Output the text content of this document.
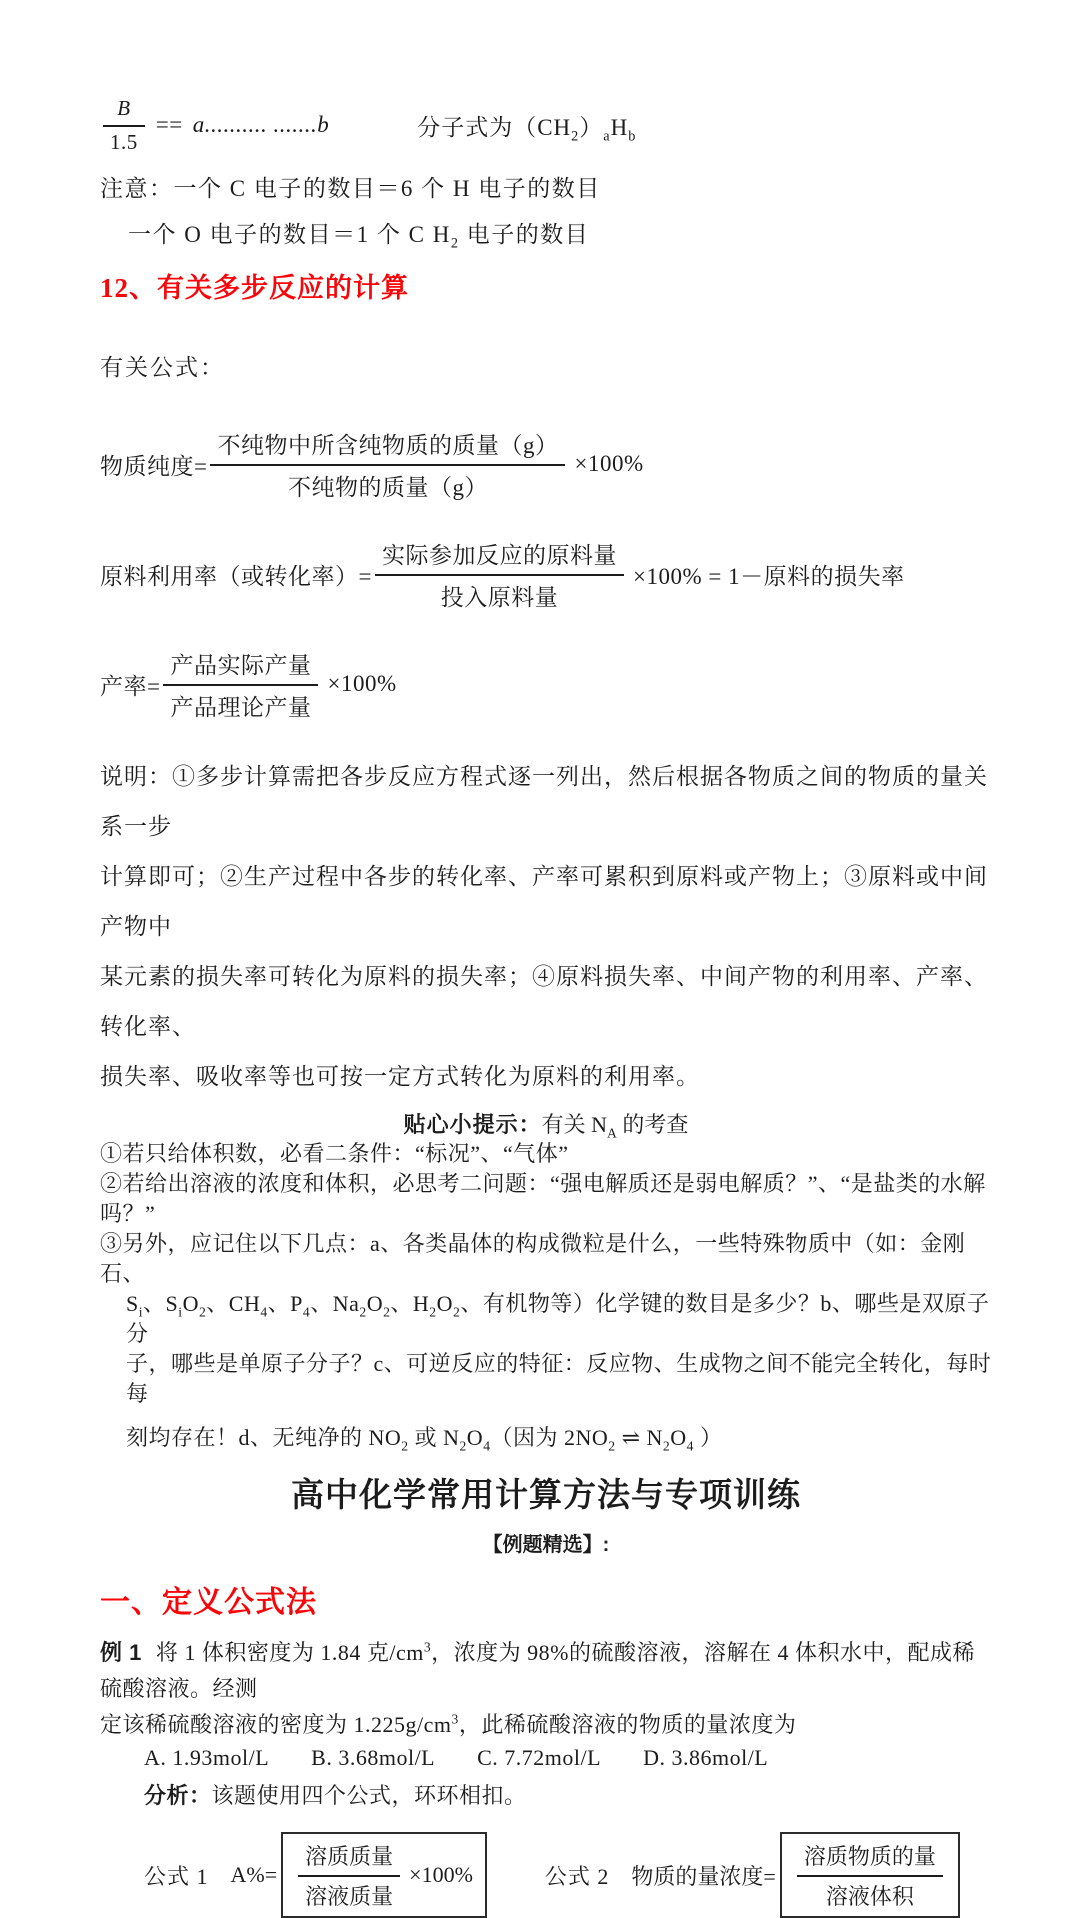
$\frac{B}{1.5} == a$.......... .......b	分子式为$(CH_2)_aH_b$
注意：一个 C 电子的数目＝6 个 H 电子的数目
一个 O 电子的数目＝1 个 C $H_2$ 电子的数目
12、有关多步反应的计算
有关公式：
物质纯度= $\frac{\text{不纯物中所含纯物质的质量（g）}}{\text{不纯物的质量（g）}} \times 100\%$
原料利用率（或转化率）= $\frac{\text{实际参加反应的原料量}}{\text{投入原料量}} \times 100\% = 1-$原料的损失率
产率= $\frac{\text{产品实际产量}}{\text{产品理论产量}} \times 100\%$
说明：①多步计算需把各步反应方程式逐一列出，然后根据各物质之间的物质的量关系一步
计算即可；②生产过程中各步的转化率、产率可累积到原料或产物上；③原料或中间产物中
某元素的损失率可转化为原料的损失率；④原料损失率、中间产物的利用率、产率、转化率、
损失率、吸收率等也可按一定方式转化为原料的利用率。
贴心小提示：有关 $N_A$ 的考查
①若只给体积数，必看二条件：“标况”、“气体”
②若给出溶液的浓度和体积，必思考二问题：“强电解质还是弱电解质？”、“是盐类的水解吗？”
③另外，应记住以下几点：a、各类晶体的构成微粒是什么，一些特殊物质中（如：金刚石、
$S_i$、$S_iO_2$、$CH_4$、$P_4$、$Na_2O_2$、$H_2O_2$、有机物等）化学键的数目是多少？b、哪些是双原子分
子，哪些是单原子分子？c、可逆反应的特征：反应物、生成物之间不能完全转化，每时每
刻均存在！d、无纯净的 $NO_2$ 或 $N_2O_4$（因为 $2NO_2$ ⇌ $N_2O_4$ ）
高中化学常用计算方法与专项训练
【例题精选】:
一、定义公式法
例 1 将 1 体积密度为 1.84 克$/cm^3$，浓度为 98%的硫酸溶液，溶解在 4 体积水中，配成稀硫酸溶液。经测
定该稀硫酸溶液的密度为 $1.225g/cm^3$，此稀硫酸溶液的物质的量浓度为
A. 1.93mol/L B. 3.68mol/L C. 7.72mol/L D. 3.86mol/L
分析：该题使用四个公式，环环相扣。
公式 1 $A\%= \frac{\text{溶质质量}}{\text{溶液质量}} \times 100\%$	公式 2 物质的量浓度= $\frac{\text{溶质物质的量}}{\text{溶液体积}}$
